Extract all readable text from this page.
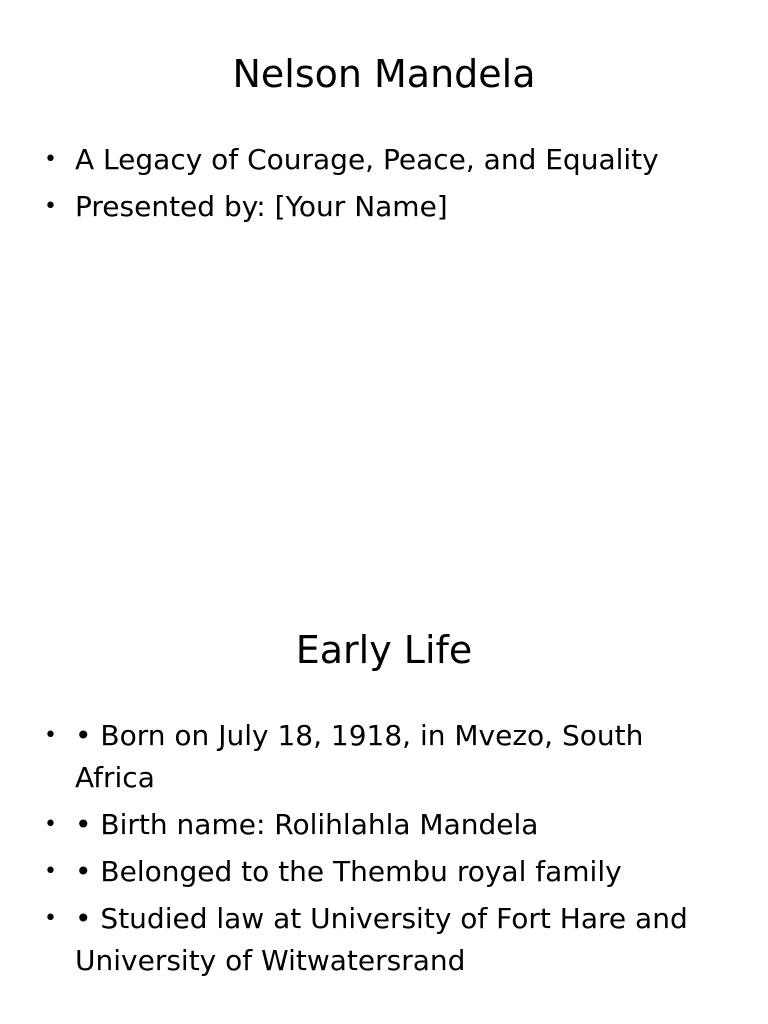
Nelson Mandela
• A Legacy of Courage, Peace, and Equality
• Presented by: [Your Name]
Early Life
• • Born on July 18, 1918, in Mvezo, South Africa
• • Birth name: Rolihlahla Mandela
• • Belonged to the Thembu royal family
• • Studied law at University of Fort Hare and University of Witwatersrand
